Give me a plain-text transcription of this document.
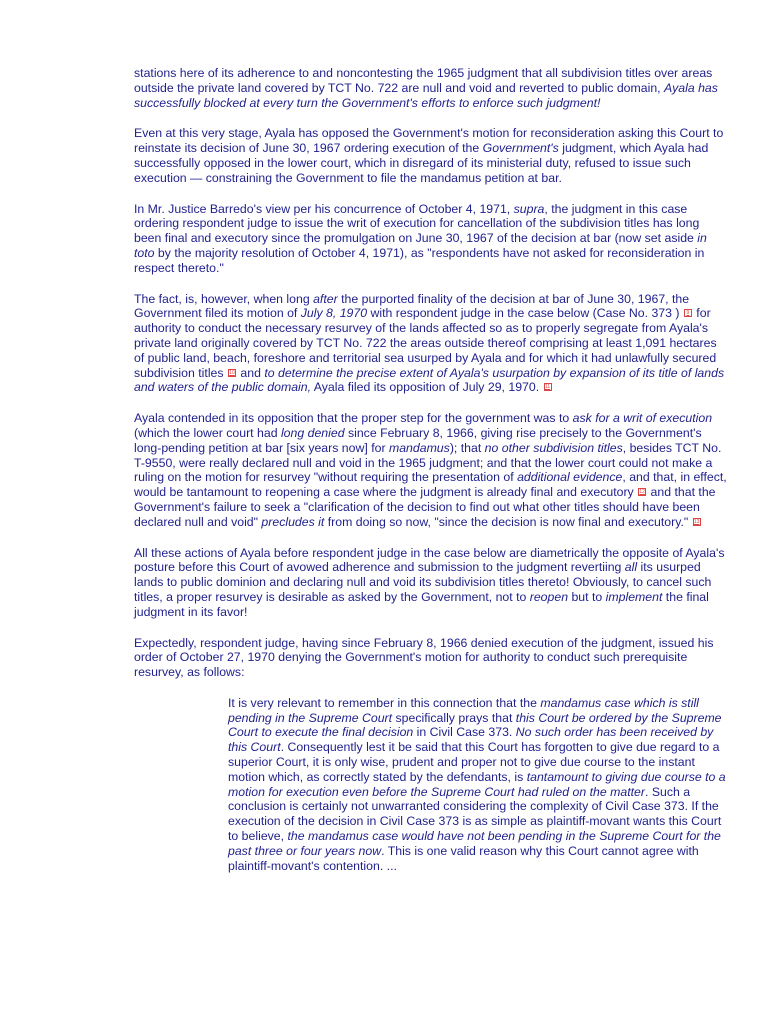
stations here of its adherence to and noncontesting the 1965 judgment that all subdivision titles over areas outside the private land covered by TCT No. 722 are null and void and reverted to public domain, Ayala has successfully blocked at every turn the Government's efforts to enforce such judgment!

Even at this very stage, Ayala has opposed the Government's motion for reconsideration asking this Court to reinstate its decision of June 30, 1967 ordering execution of the Government's judgment, which Ayala had successfully opposed in the lower court, which in disregard of its ministerial duty, refused to issue such execution — constraining the Government to file the mandamus petition at bar.

In Mr. Justice Barredo's view per his concurrence of October 4, 1971, supra, the judgment in this case ordering respondent judge to issue the writ of execution for cancellation of the subdivision titles has long been final and executory since the promulgation on June 30, 1967 of the decision at bar (now set aside in toto by the majority resolution of October 4, 1971), as "respondents have not asked for reconsideration in respect thereto."

The fact, is, however, when long after the purported finality of the decision at bar of June 30, 1967, the Government filed its motion of July 8, 1970 with respondent judge in the case below (Case No. 373 ) 9 for authority to conduct the necessary resurvey of the lands affected so as to properly segregate from Ayala's private land originally covered by TCT No. 722 the areas outside thereof comprising at least 1,091 hectares of public land, beach, foreshore and territorial sea usurped by Ayala and for which it had unlawfully secured subdivision titles 10 and to determine the precise extent of Ayala's usurpation by expansion of its title of lands and waters of the public domain, Ayala filed its opposition of July 29, 1970. 11

Ayala contended in its opposition that the proper step for the government was to ask for a writ of execution (which the lower court had long denied since February 8, 1966, giving rise precisely to the Government's long-pending petition at bar [six years now] for mandamus); that no other subdivision titles, besides TCT No. T-9550, were really declared null and void in the 1965 judgment; and that the lower court could not make a ruling on the motion for resurvey "without requiring the presentation of additional evidence, and that, in effect, would be tantamount to reopening a case where the judgment is already final and executory 12 and that the Government's failure to seek a "clarification of the decision to find out what other titles should have been declared null and void" precludes it from doing so now, "since the decision is now final and executory." 13

All these actions of Ayala before respondent judge in the case below are diametrically the opposite of Ayala's posture before this Court of avowed adherence and submission to the judgment revertiing all its usurped lands to public dominion and declaring null and void its subdivision titles thereto! Obviously, to cancel such titles, a proper resurvey is desirable as asked by the Government, not to reopen but to implement the final judgment in its favor!

Expectedly, respondent judge, having since February 8, 1966 denied execution of the judgment, issued his order of October 27, 1970 denying the Government's motion for authority to conduct such prerequisite resurvey, as follows:

It is very relevant to remember in this connection that the mandamus case which is still pending in the Supreme Court specifically prays that this Court be ordered by the Supreme Court to execute the final decision in Civil Case 373. No such order has been received by this Court. Consequently lest it be said that this Court has forgotten to give due regard to a superior Court, it is only wise, prudent and proper not to give due course to the instant motion which, as correctly stated by the defendants, is tantamount to giving due course to a motion for execution even before the Supreme Court had ruled on the matter. Such a conclusion is certainly not unwarranted considering the complexity of Civil Case 373. If the execution of the decision in Civil Case 373 is as simple as plaintiff-movant wants this Court to believe, the mandamus case would have not been pending in the Supreme Court for the past three or four years now. This is one valid reason why this Court cannot agree with plaintiff-movant's contention. ...
